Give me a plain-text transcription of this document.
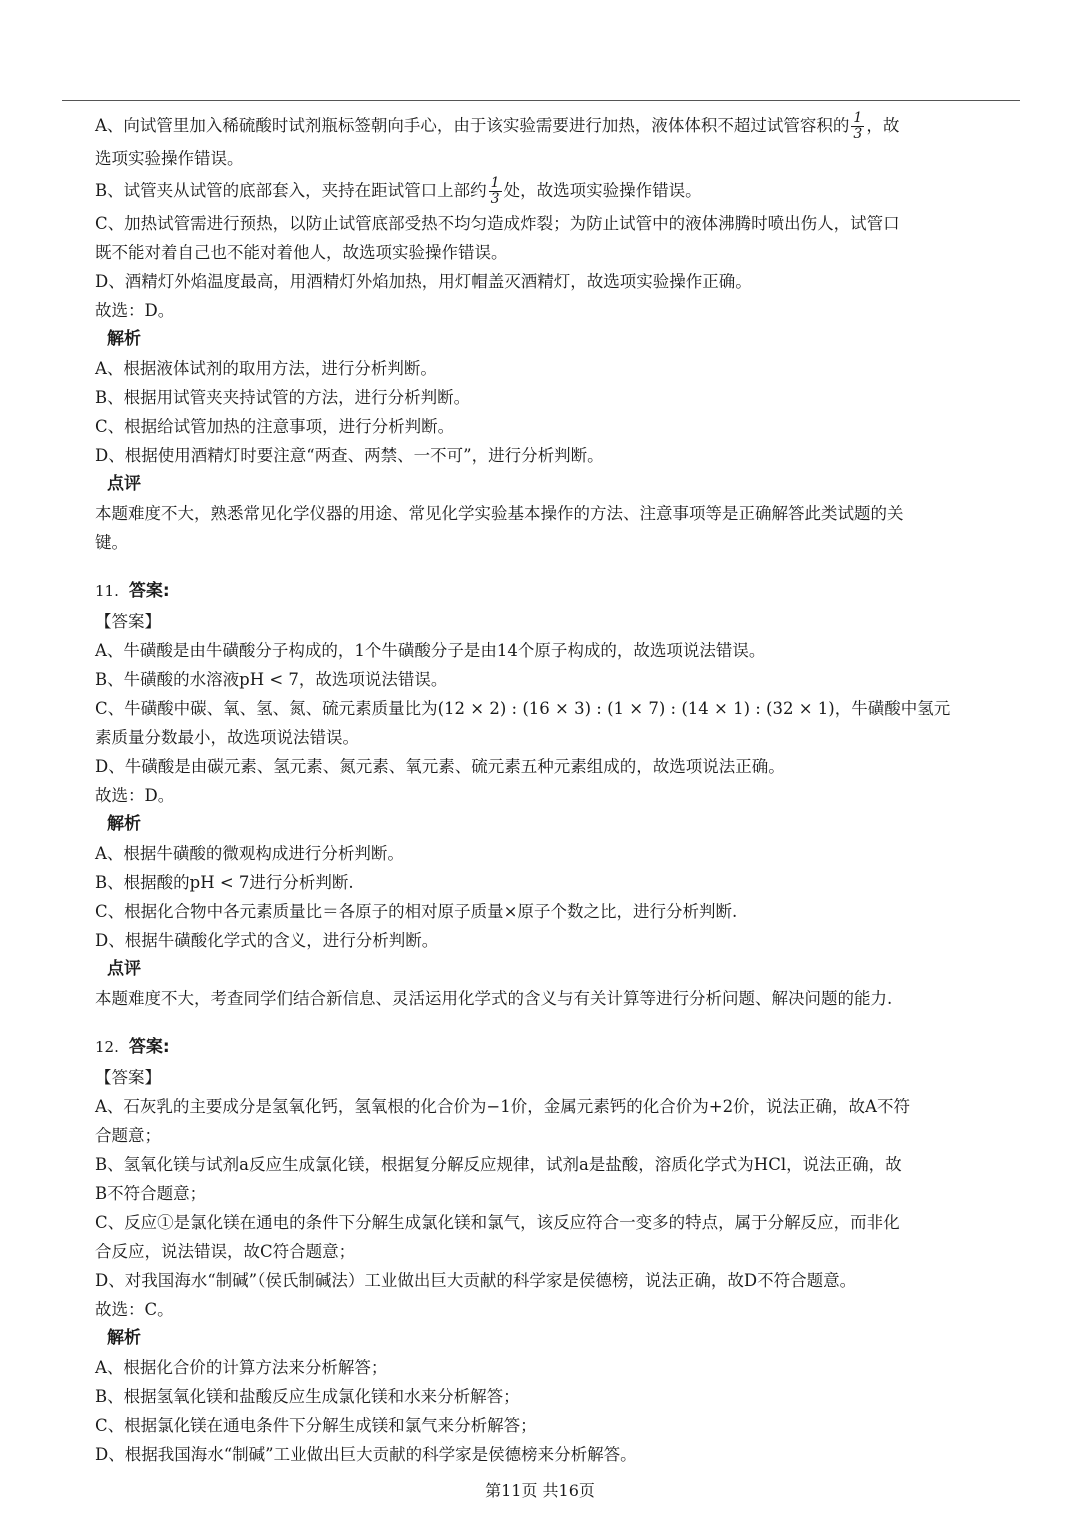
A、向试管里加入稀硫酸时试剂瓶标签朝向手心，由于该实验需要进行加热，液体体积不超过试管容积的 $\frac{1}{3}$ ，故
选项实验操作错误。
B、试管夹从试管的底部套入，夹持在距试管口上部约 $\frac{1}{3}$ 处，故选项实验操作错误。
C、加热试管需进行预热，以防止试管底部受热不均匀造成炸裂；为防止试管中的液体沸腾时喷出伤人，试管口
既不能对着自己也不能对着他人，故选项实验操作错误。
D、酒精灯外焰温度最高，用酒精灯外焰加热，用灯帽盖灭酒精灯，故选项实验操作正确。
故选：D。
解析
A、根据液体试剂的取用方法，进行分析判断。
B、根据用试管夹夹持试管的方法，进行分析判断。
C、根据给试管加热的注意事项，进行分析判断。
D、根据使用酒精灯时要注意“两查、两禁、一不可”，进行分析判断。
点评
本题难度不大，熟悉常见化学仪器的用途、常见化学实验基本操作的方法、注意事项等是正确解答此类试题的关
键。
11. 答案:
【答案】
A、牛磺酸是由牛磺酸分子构成的，1个牛磺酸分子是由14个原子构成的，故选项说法错误。
B、牛磺酸的水溶液pH < 7，故选项说法错误。
C、牛磺酸中碳、氧、氢、氮、硫元素质量比为(12 × 2) : (16 × 3) : (1 × 7) : (14 × 1) : (32 × 1)，牛磺酸中氢元
素质量分数最小，故选项说法错误。
D、牛磺酸是由碳元素、氢元素、氮元素、氧元素、硫元素五种元素组成的，故选项说法正确。
故选：D。
解析
A、根据牛磺酸的微观构成进行分析判断。
B、根据酸的pH < 7进行分析判断.
C、根据化合物中各元素质量比＝各原子的相对原子质量×原子个数之比，进行分析判断.
D、根据牛磺酸化学式的含义，进行分析判断。
点评
本题难度不大，考查同学们结合新信息、灵活运用化学式的含义与有关计算等进行分析问题、解决问题的能力.
12. 答案:
【答案】
A、石灰乳的主要成分是氢氧化钙，氢氧根的化合价为−1价，金属元素钙的化合价为+2价，说法正确，故A不符
合题意；
B、氢氧化镁与试剂a反应生成氯化镁，根据复分解反应规律，试剂a是盐酸，溶质化学式为HCl，说法正确，故
B不符合题意；
C、反应①是氯化镁在通电的条件下分解生成氯化镁和氯气，该反应符合一变多的特点，属于分解反应，而非化
合反应，说法错误，故C符合题意；
D、对我国海水“制碱”（侯氏制碱法）工业做出巨大贡献的科学家是侯德榜，说法正确，故D不符合题意。
故选：C。
解析
A、根据化合价的计算方法来分析解答；
B、根据氢氧化镁和盐酸反应生成氯化镁和水来分析解答；
C、根据氯化镁在通电条件下分解生成镁和氯气来分析解答；
D、根据我国海水“制碱”工业做出巨大贡献的科学家是侯德榜来分析解答。
第11页 共16页
